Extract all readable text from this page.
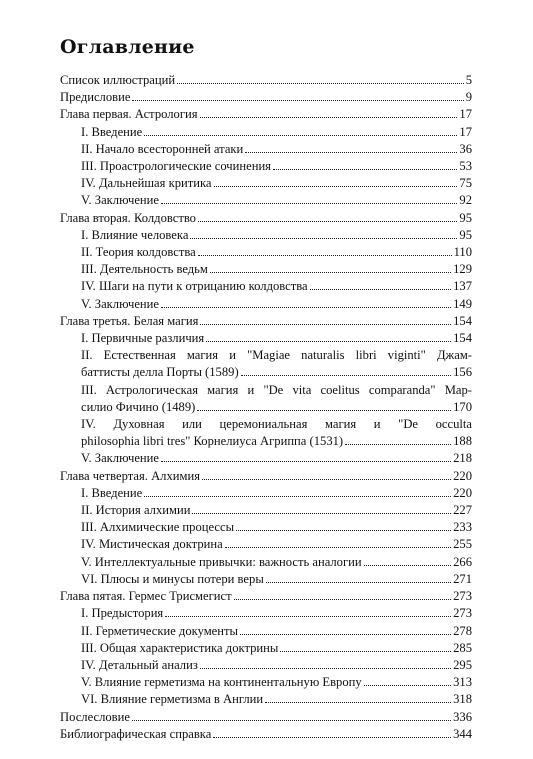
Оглавление
Список иллюстраций	5
Предисловие	9
Глава первая. Астрология	17
I. Введение	17
II. Начало всесторонней атаки	36
III. Проастрологические сочинения	53
IV. Дальнейшая критика	75
V. Заключение	92
Глава вторая. Колдовство	95
I. Влияние человека	95
II. Теория колдовства	110
III. Деятельность ведьм	129
IV. Шаги на пути к отрицанию колдовства	137
V. Заключение	149
Глава третья. Белая магия	154
I. Первичные различия	154
II. Естественная магия и "Magiae naturalis libri viginti" Джам-
баттисты делла Порты (1589)	156
III. Астрологическая магия и "De vita coelitus comparanda" Мар-
силио Фичино (1489)	170
IV. Духовная или церемониальная магия и "De occulta
philosophia libri tres" Корнелиуса Агриппа (1531)	188
V. Заключение	218
Глава четвертая. Алхимия	220
I. Введение	220
II. История алхимии	227
III. Алхимические процессы	233
IV. Мистическая доктрина	255
V. Интеллектуальные привычки: важность аналогии	266
VI. Плюсы и минусы потери веры	271
Глава пятая. Гермес Трисмегист	273
I. Предыстория	273
II. Герметические документы	278
III. Общая характеристика доктрины	285
IV. Детальный анализ	295
V. Влияние герметизма на континентальную Европу	313
VI. Влияние герметизма в Англии	318
Послесловие	336
Библиографическая справка	344
